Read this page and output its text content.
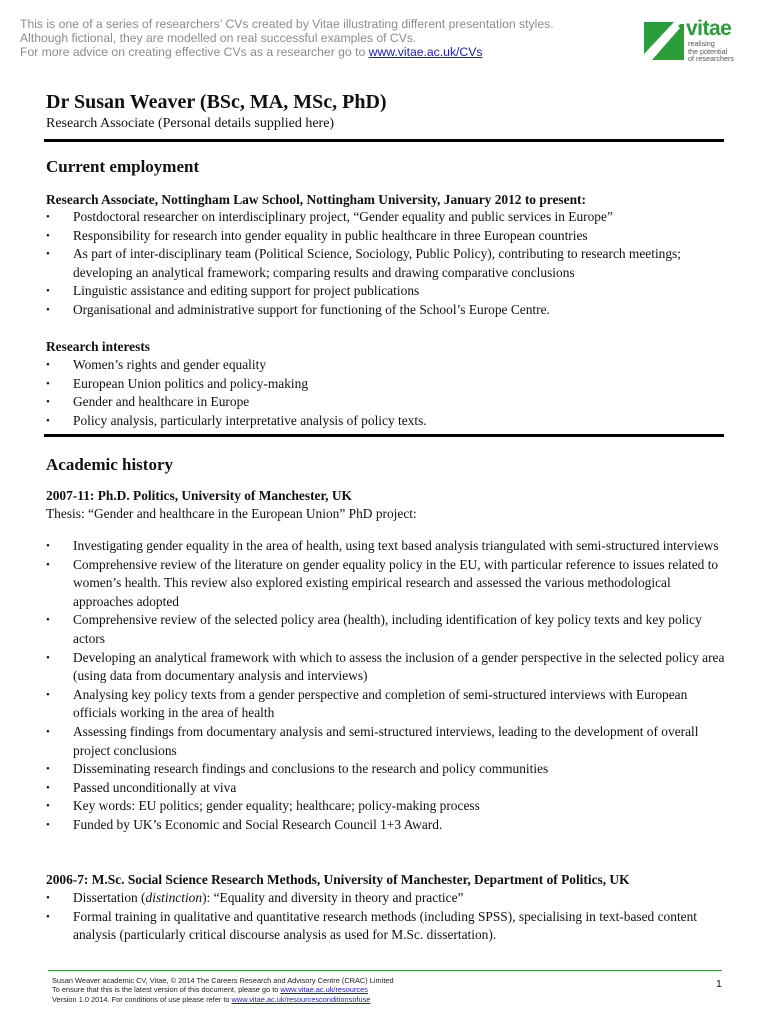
This is one of a series of researchers’ CVs created by Vitae illustrating different presentation styles.
Although fictional, they are modelled on real successful examples of CVs.
For more advice on creating effective CVs as a researcher go to www.vitae.ac.uk/CVs
vitae
realising
the potential
of researchers
Dr Susan Weaver (BSc, MA, MSc, PhD)
Research Associate (Personal details supplied here)
Current employment
Research Associate, Nottingham Law School, Nottingham University, January 2012 to present:
• Postdoctoral researcher on interdisciplinary project, “Gender equality and public services in Europe”
• Responsibility for research into gender equality in public healthcare in three European countries
• As part of inter-disciplinary team (Political Science, Sociology, Public Policy), contributing to research meetings; developing an analytical framework; comparing results and drawing comparative conclusions
• Linguistic assistance and editing support for project publications
• Organisational and administrative support for functioning of the School’s Europe Centre.
Research interests
• Women’s rights and gender equality
• European Union politics and policy-making
• Gender and healthcare in Europe
• Policy analysis, particularly interpretative analysis of policy texts.
Academic history
2007-11: Ph.D. Politics, University of Manchester, UK
Thesis: “Gender and healthcare in the European Union” PhD project:
• Investigating gender equality in the area of health, using text based analysis triangulated with semi-structured interviews
• Comprehensive review of the literature on gender equality policy in the EU, with particular reference to issues related to women’s health. This review also explored existing empirical research and assessed the various methodological approaches adopted
• Comprehensive review of the selected policy area (health), including identification of key policy texts and key policy actors
• Developing an analytical framework with which to assess the inclusion of a gender perspective in the selected policy area (using data from documentary analysis and interviews)
• Analysing key policy texts from a gender perspective and completion of semi-structured interviews with European officials working in the area of health
• Assessing findings from documentary analysis and semi-structured interviews, leading to the development of overall project conclusions
• Disseminating research findings and conclusions to the research and policy communities
• Passed unconditionally at viva
• Key words: EU politics; gender equality; healthcare; policy-making process
• Funded by UK’s Economic and Social Research Council 1+3 Award.
2006-7: M.Sc. Social Science Research Methods, University of Manchester, Department of Politics, UK
• Dissertation (distinction): “Equality and diversity in theory and practice”
• Formal training in qualitative and quantitative research methods (including SPSS), specialising in text-based content analysis (particularly critical discourse analysis as used for M.Sc. dissertation).
Susan Weaver academic CV, Vitae, © 2014 The Careers Research and Advisory Centre (CRAC) Limited
To ensure that this is the latest version of this document, please go to www.vitae.ac.uk/resources
Version 1.0 2014. For conditions of use please refer to www.vitae.ac.uk/resourcesconditionsofuse
1
